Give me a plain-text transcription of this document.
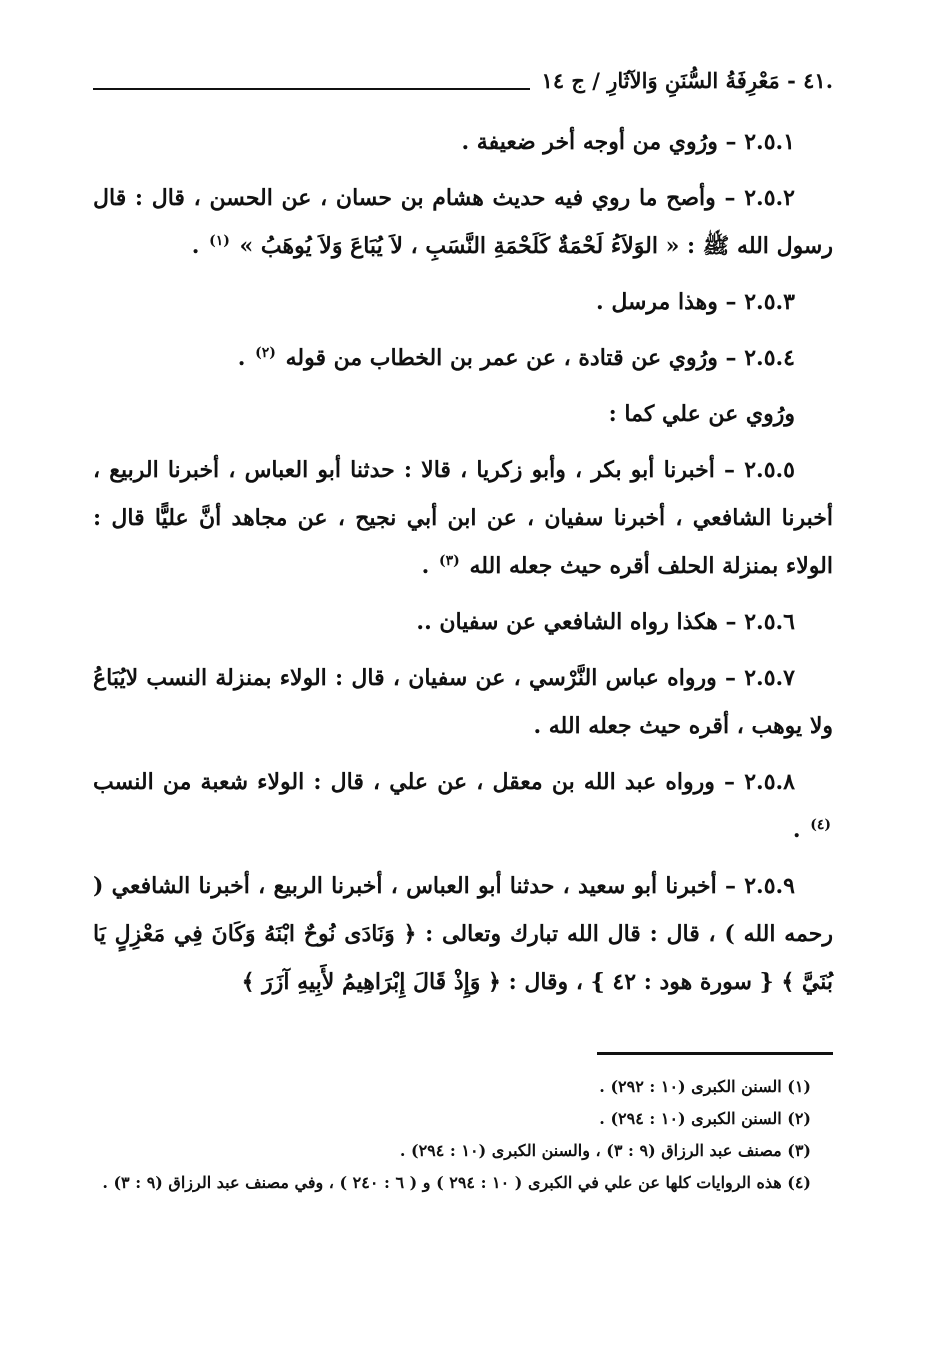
.٤١ - مَعْرِفَةُ السُّنَنِ وَالآثَارِ / ج ١٤

٢.٥.١ – ورُوي من أوجه أخر ضعيفة .

٢.٥.٢ – وأصح ما روي فيه حديث هشام بن حسان ، عن الحسن ، قال : قال رسول الله ﷺ : « الوَلاَءُ لَحْمَةٌ كَلَحْمَةِ النَّسَبِ ، لاَ يُبَاعَ وَلاَ يُوهَبُ » $^{(١)}$ .

٢.٥.٣ – وهذا مرسل .

٢.٥.٤ – ورُوي عن قتادة ، عن عمر بن الخطاب من قوله $^{(٢)}$ .

ورُوي عن علي كما :

٢.٥.٥ – أخبرنا أبو بكر ، وأبو زكريا ، قالا : حدثنا أبو العباس ، أخبرنا الربيع ، أخبرنا الشافعي ، أخبرنا سفيان ، عن ابن أبي نجيح ، عن مجاهد أنَّ عليًّا قال : الولاء بمنزلة الحلف أقره حيث جعله الله $^{(٣)}$ .

٢.٥.٦ – هكذا رواه الشافعي عن سفيان ..

٢.٥.٧ – ورواه عباس النَّرْسي ، عن سفيان ، قال : الولاء بمنزلة النسب لايُبَاعُ ولا يوهب ، أقره حيث جعله الله .

٢.٥.٨ – ورواه عبد الله بن معقل ، عن علي ، قال : الولاء شعبة من النسب $^{(٤)}$ .

٢.٥.٩ – أخبرنا أبو سعيد ، حدثنا أبو العباس ، أخبرنا الربيع ، أخبرنا الشافعي ( رحمه الله ) ، قال : قال الله تبارك وتعالى : ﴿ وَنَادَى نُوحٌ ابْنَهُ وَكَانَ فِي مَعْزِلٍ يَا بُنَيَّ ﴾ { سورة هود : ٤٢ } ، وقال : ﴿ وَإِذْ قَالَ إِبْرَاهِيمُ لأَبِيهِ آزَرَ ﴾

(١) السنن الكبرى (١٠ : ٢٩٢) .

(٢) السنن الكبرى (١٠ : ٢٩٤) .

(٣) مصنف عبد الرزاق (٩ : ٣) ، والسنن الكبرى (١٠ : ٢٩٤) .

(٤) هذه الروايات كلها عن علي في الكبرى ( ١٠ : ٢٩٤ ) و ( ٦ : ٢٤٠ ) ، وفي مصنف عبد الرزاق (٩ : ٣) .
